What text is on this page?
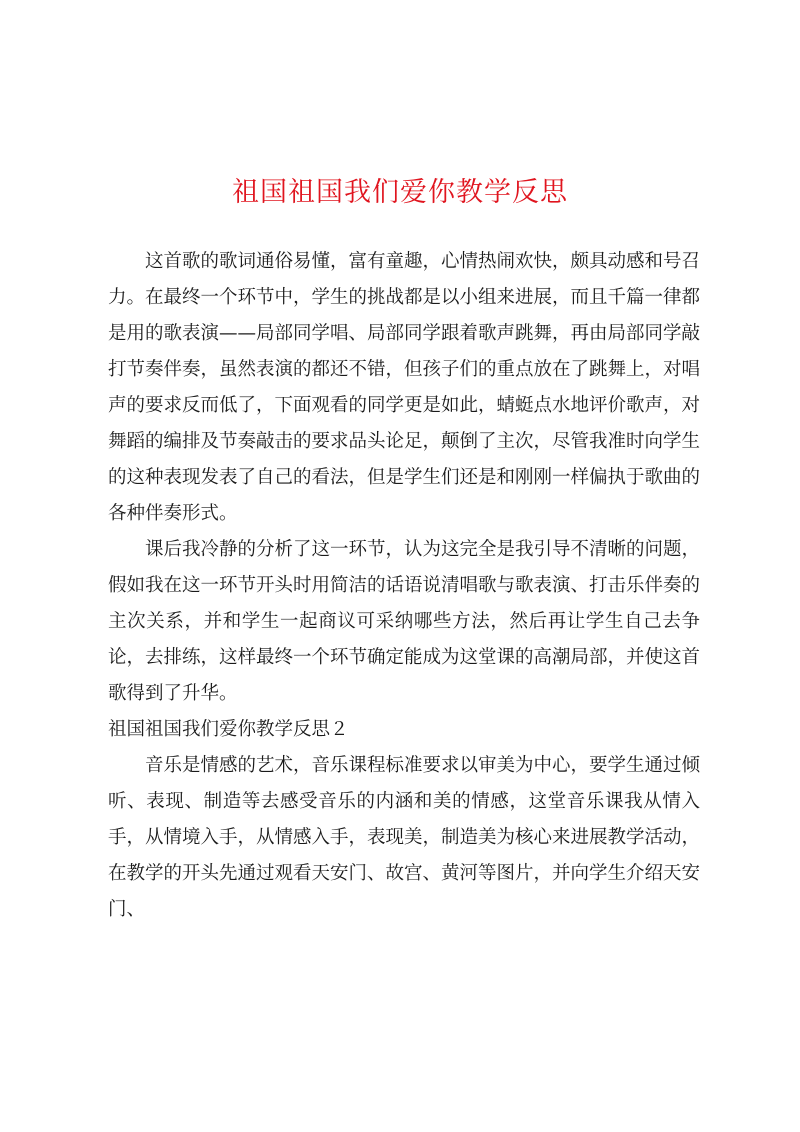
祖国祖国我们爱你教学反思

这首歌的歌词通俗易懂，富有童趣，心情热闹欢快，颇具动感和号召力。在最终一个环节中，学生的挑战都是以小组来进展，而且千篇一律都是用的歌表演——局部同学唱、局部同学跟着歌声跳舞，再由局部同学敲打节奏伴奏，虽然表演的都还不错，但孩子们的重点放在了跳舞上，对唱声的要求反而低了，下面观看的同学更是如此，蜻蜓点水地评价歌声，对舞蹈的编排及节奏敲击的要求品头论足，颠倒了主次，尽管我准时向学生的这种表现发表了自己的看法，但是学生们还是和刚刚一样偏执于歌曲的各种伴奏形式。

课后我冷静的分析了这一环节，认为这完全是我引导不清晰的问题，假如我在这一环节开头时用简洁的话语说清唱歌与歌表演、打击乐伴奏的主次关系，并和学生一起商议可采纳哪些方法，然后再让学生自己去争论，去排练，这样最终一个环节确定能成为这堂课的高潮局部，并使这首歌得到了升华。

祖国祖国我们爱你教学反思２

音乐是情感的艺术，音乐课程标准要求以审美为中心，要学生通过倾听、表现、制造等去感受音乐的内涵和美的情感，这堂音乐课我从情入手，从情境入手，从情感入手，表现美，制造美为核心来进展教学活动，在教学的开头先通过观看天安门、故宫、黄河等图片，并向学生介绍天安门、
